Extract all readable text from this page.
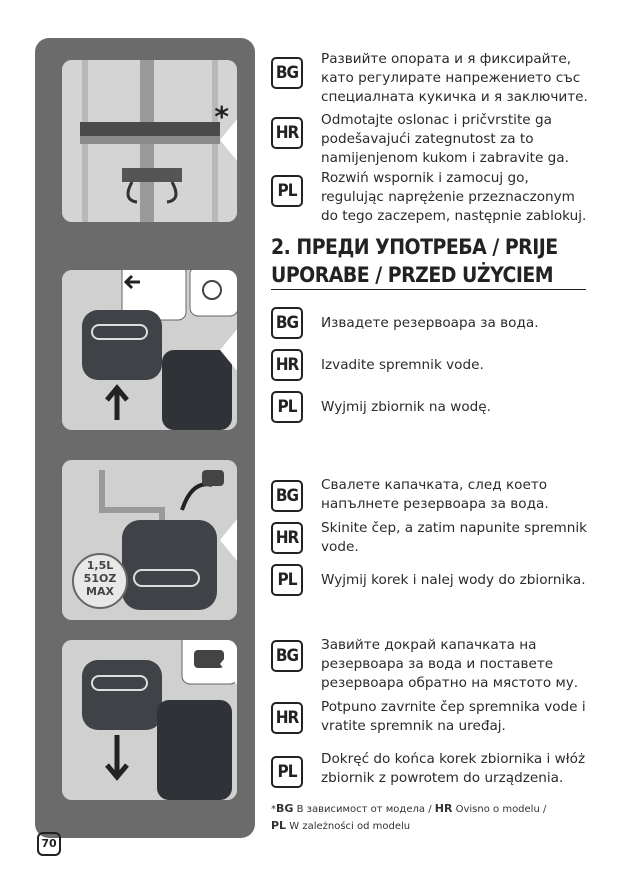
*
1,5L
51OZ
MAX
BG
Развийте опората и я фиксирайте, като регулирате напрежението със специалната кукичка и я заключите.
HR
Odmotajte oslonac i pričvrstite ga podešavajući zategnutost za to namijenjenom kukom i zabravite ga.
PL
Rozwiń wspornik i zamocuj go, regulując naprężenie przeznaczonym do tego zaczepem, następnie zablokuj.
2. ПРЕДИ УПОТРЕБА / PRIJE UPORABE / PRZED UŻYCIEM
BG	Извадете резервоара за вода.
HR	Izvadite spremnik vode.
PL	Wyjmij zbiornik na wodę.
BG
Свалете капачката, след което напълнете резервоара за вода.
HR	Skinite čep, a zatim napunite spremnik vode.
PL	Wyjmij korek i nalej wody do zbiornika.
BG
Завийте докрай капачката на резервоара за вода и поставете резервоара обратно на мястото му.
HR
Potpuno zavrnite čep spremnika vode i vratite spremnik na uređaj.
PL
Dokręć do końca korek zbiornika i włóż zbiornik z powrotem do urządzenia.
*BG В зависимост от модела / HR Ovisno o modelu /
PL W zależności od modelu
70
